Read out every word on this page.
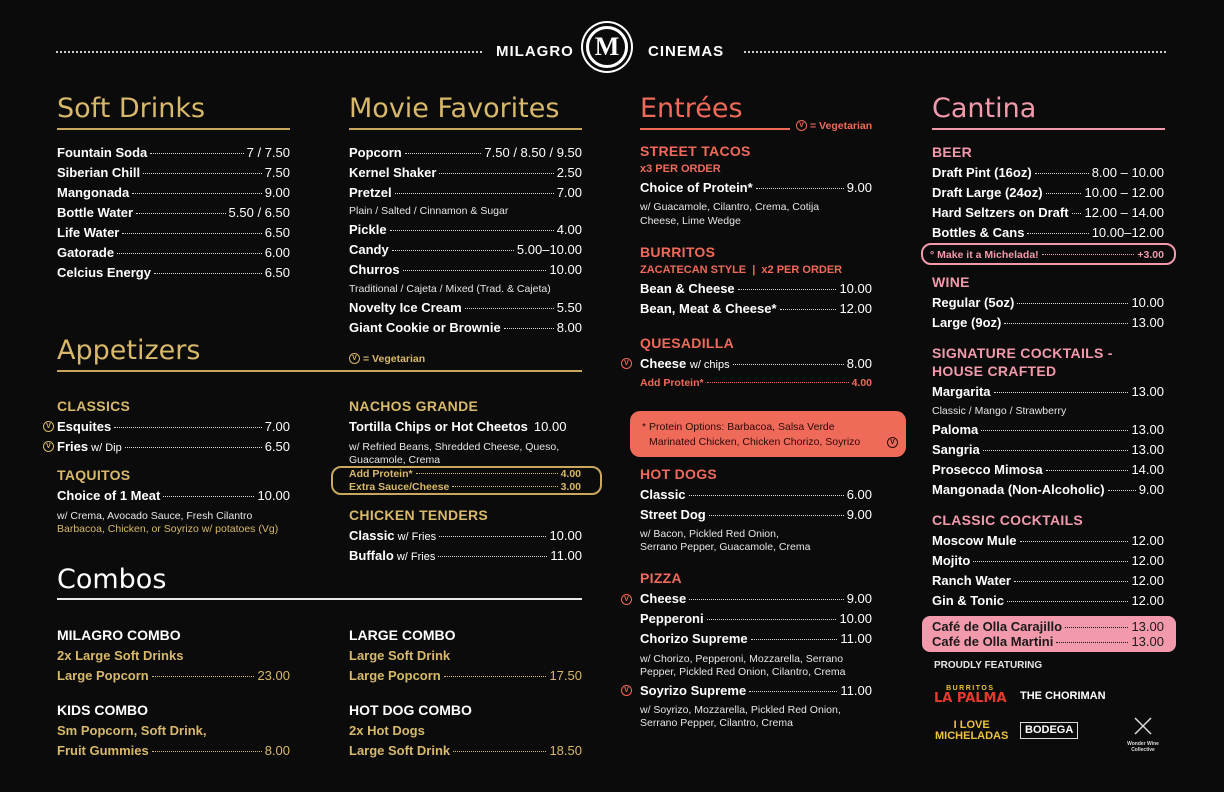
MILAGRO M CINEMAS
Soft Drinks
Fountain Soda	7 / 7.50
Siberian Chill	7.50
Mangonada	9.00
Bottle Water	5.50 / 6.50
Life Water	6.50
Gatorade	6.00
Celcius Energy	6.50
Movie Favorites
Popcorn	7.50 / 8.50 / 9.50
Kernel Shaker	2.50
Pretzel	7.00
Pickle	4.00
Candy	5.00–10.00
Churros	10.00
Novelty Ice Cream	5.50
Giant Cookie or Brownie	8.00
Plain / Salted / Cinnamon & Sugar
Traditional / Cajeta / Mixed (Trad. & Cajeta)
Appetizers	V = Vegetarian
CLASSICS
V
V
Esquites	7.00
Fries w/ Dip	6.50
TAQUITOS
Choice of 1 Meat	10.00
w/ Crema, Avocado Sauce, Fresh Cilantro
Barbacoa, Chicken, or Soyrizo w/ potatoes (Vg)
NACHOS GRANDE
Tortilla Chips or Hot Cheetos 10.00
w/ Refried Beans, Shredded Cheese, Queso,
Guacamole, Crema
Add Protein*	4.00
Extra Sauce/Cheese	3.00
CHICKEN TENDERS
Classic w/ Fries	10.00
Buffalo w/ Fries	11.00
Combos
MILAGRO COMBO
2x Large Soft Drinks
Large Popcorn	23.00
LARGE COMBO
Large Soft Drink
Large Popcorn	17.50
KIDS COMBO
Sm Popcorn, Soft Drink,
Fruit Gummies	8.00
HOT DOG COMBO
2x Hot Dogs
Large Soft Drink	18.50
Entrées
V = Vegetarian
STREET TACOS
x3 PER ORDER
Choice of Protein*	9.00
w/ Guacamole, Cilantro, Crema, Cotija
Cheese, Lime Wedge
BURRITOS
ZACATECAN STYLE  |  x2 PER ORDER
Bean & Cheese	10.00
Bean, Meat & Cheese*	12.00
QUESADILLA
V Cheese w/ chips	8.00
Add Protein*	4.00
* Protein Options: Barbacoa, Salsa Verde
Marinated Chicken, Chicken Chorizo, Soyrizo	V
HOT DOGS
Classic	6.00
Street Dog	9.00
w/ Bacon, Pickled Red Onion,
Serrano Pepper, Guacamole, Crema
PIZZA
V
V
Cheese	9.00
Pepperoni	10.00
Chorizo Supreme	11.00
Soyrizo Supreme	11.00
w/ Chorizo, Pepperoni, Mozzarella, Serrano
Pepper, Pickled Red Onion, Cilantro, Crema
w/ Soyrizo, Mozzarella, Pickled Red Onion,
Serrano Pepper, Cilantro, Crema
Cantina
BEER
Draft Pint (16oz)	8.00 – 10.00
Draft Large (24oz)	10.00 – 12.00
Hard Seltzers on Draft 12.00 – 14.00
Bottles & Cans	10.00–12.00
° Make it a Michelada!	+3.00
WINE
Regular (5oz)	10.00
Large (9oz)	13.00
SIGNATURE COCKTAILS -
HOUSE CRAFTED
Margarita	13.00
Paloma	13.00
Sangria	13.00
Prosecco Mimosa	14.00
Mangonada (Non-Alcoholic)	9.00
Classic / Mango / Strawberry
CLASSIC COCKTAILS
Moscow Mule	12.00
Mojito	12.00
Ranch Water	12.00
Gin & Tonic	12.00
Café de Olla Carajillo	13.00
Café de Olla Martini	13.00
PROUDLY FEATURING
BURRITOS
LA PALMA THE CHORIMAN
I LOVE
MICHELADAS	BODEGA
Wonder Wine Collective
